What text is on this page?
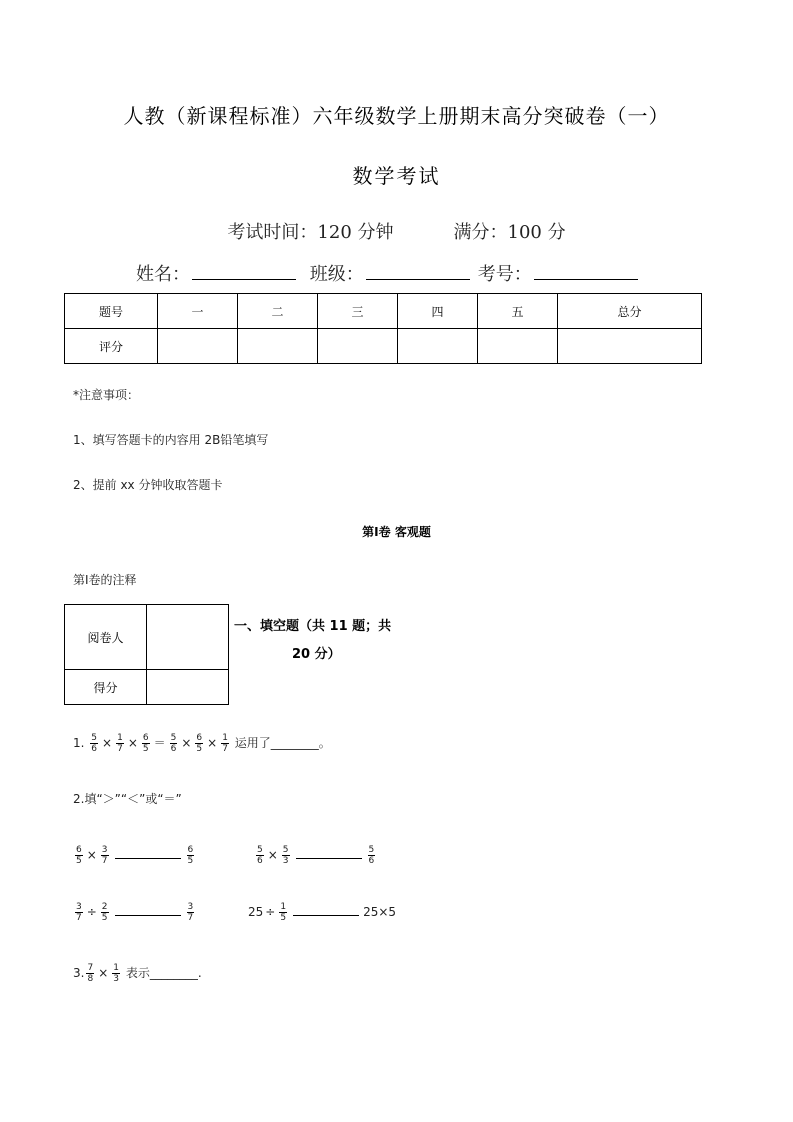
人教（新课程标准）六年级数学上册期末高分突破卷（一）
数学考试
考试时间：120 分钟	满分：100 分
姓名：	班级：	考号：
题号	一	二	三	四	五	总分
评分						
*注意事项：
1、填写答题卡的内容用 2B铅笔填写
2、提前 xx 分钟收取答题卡
第Ⅰ卷 客观题
第Ⅰ卷的注释
阅卷人	
得分	
一、填空题（共 11 题；共
20 分）
1. $\frac{5}{6} \times \frac{1}{7} \times \frac{6}{5} = \frac{5}{6} \times \frac{6}{5} \times \frac{1}{7}$ 运用了________。
2.填“＞”“＜”或“＝”
$\frac{6}{5} \times \frac{3}{7}$	$\frac{6}{5}$	$\frac{5}{6} \times \frac{5}{3}$	$\frac{5}{6}$
$\frac{3}{7} \div \frac{2}{5}$	$\frac{3}{7}$	$25 \div \frac{1}{5}$	25×5
3. $\frac{7}{8} \times \frac{1}{3}$ 表示________.
